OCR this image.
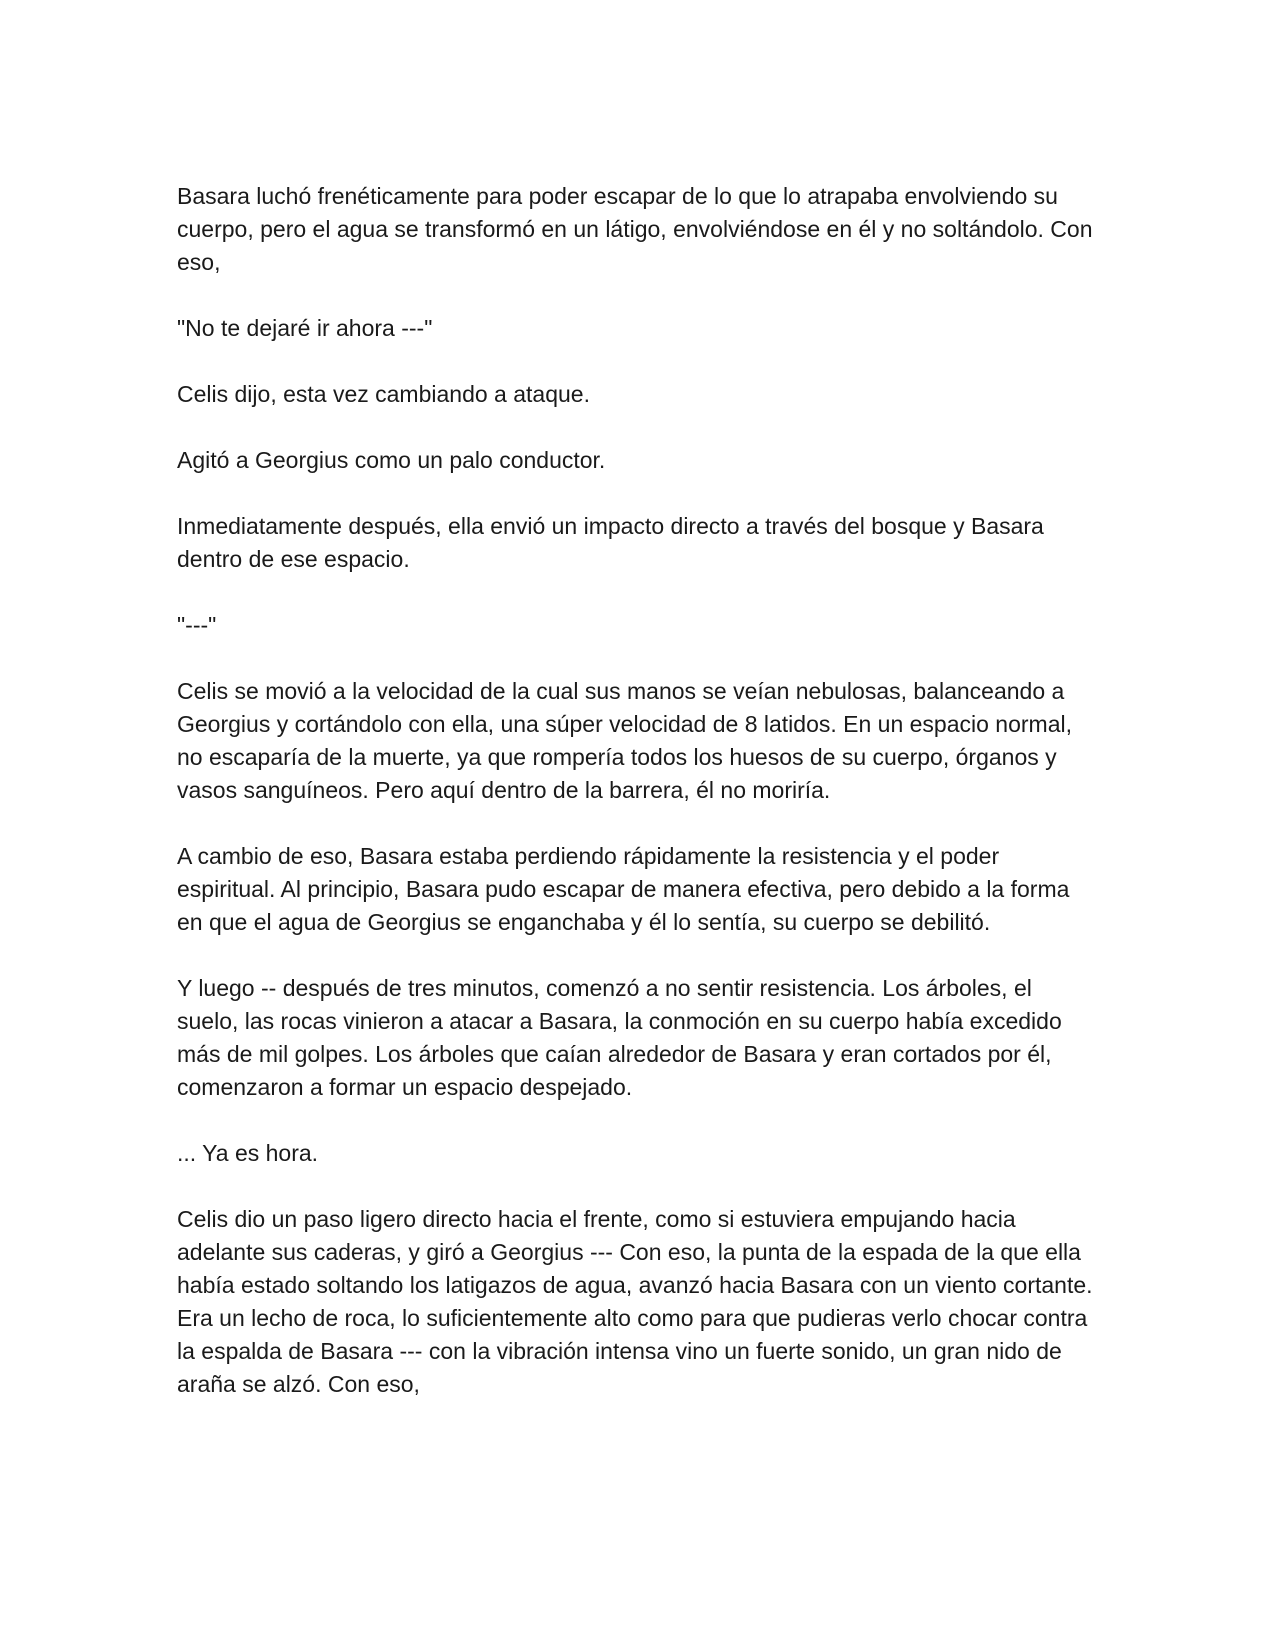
Basara luchó frenéticamente para poder escapar de lo que lo atrapaba envolviendo su cuerpo, pero el agua se transformó en un látigo, envolviéndose en él y no soltándolo. Con eso,

"No te dejaré ir ahora ---"

Celis dijo, esta vez cambiando a ataque.

Agitó a Georgius como un palo conductor.

Inmediatamente después, ella envió un impacto directo a través del bosque y Basara dentro de ese espacio.

"---"

Celis se movió a la velocidad de la cual sus manos se veían nebulosas, balanceando a Georgius y cortándolo con ella, una súper velocidad de 8 latidos. En un espacio normal, no escaparía de la muerte, ya que rompería todos los huesos de su cuerpo, órganos y vasos sanguíneos. Pero aquí dentro de la barrera, él no moriría.

A cambio de eso, Basara estaba perdiendo rápidamente la resistencia y el poder espiritual. Al principio, Basara pudo escapar de manera efectiva, pero debido a la forma en que el agua de Georgius se enganchaba y él lo sentía, su cuerpo se debilitó.

Y luego -- después de tres minutos, comenzó a no sentir resistencia. Los árboles, el suelo, las rocas vinieron a atacar a Basara, la conmoción en su cuerpo había excedido más de mil golpes. Los árboles que caían alrededor de Basara y eran cortados por él, comenzaron a formar un espacio despejado.

... Ya es hora.

Celis dio un paso ligero directo hacia el frente, como si estuviera empujando hacia adelante sus caderas, y giró a Georgius --- Con eso, la punta de la espada de la que ella había estado soltando los latigazos de agua, avanzó hacia Basara con un viento cortante. Era un lecho de roca, lo suficientemente alto como para que pudieras verlo chocar contra la espalda de Basara --- con la vibración intensa vino un fuerte sonido, un gran nido de araña se alzó. Con eso,
